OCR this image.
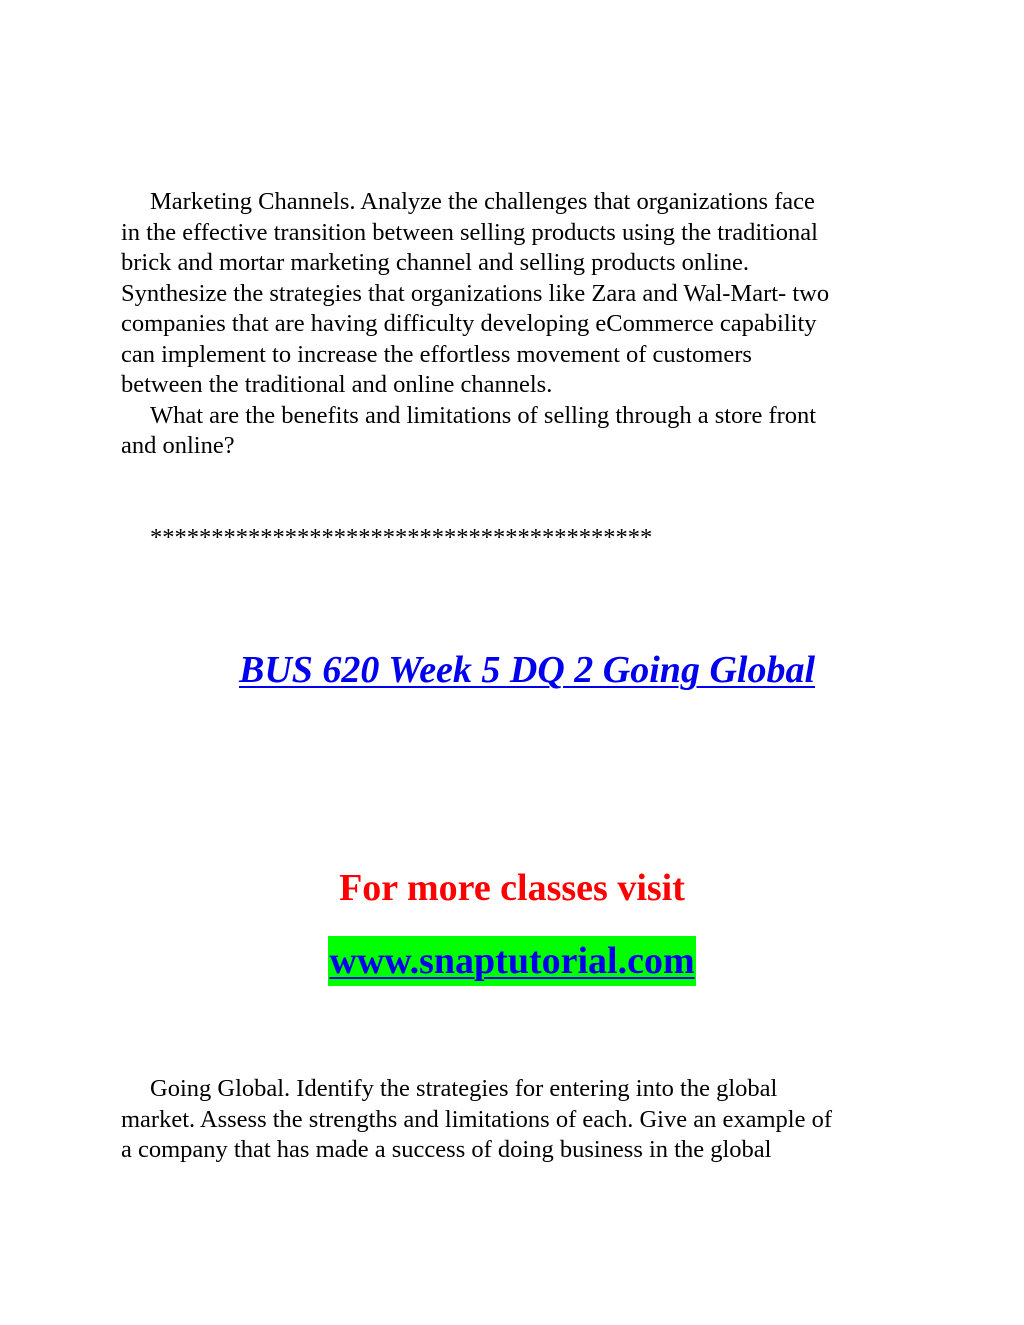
Marketing Channels. Analyze the challenges that organizations face
in the effective transition between selling products using the traditional
brick and mortar marketing channel and selling products online.
Synthesize the strategies that organizations like Zara and Wal-Mart- two
companies that are having difficulty developing eCommerce capability
can implement to increase the effortless movement of customers
between the traditional and online channels.
What are the benefits and limitations of selling through a store front
and online?
*****************************************
BUS 620 Week 5 DQ 2 Going Global
For more classes visit
www.snaptutorial.com
Going Global. Identify the strategies for entering into the global
market. Assess the strengths and limitations of each. Give an example of
a company that has made a success of doing business in the global
